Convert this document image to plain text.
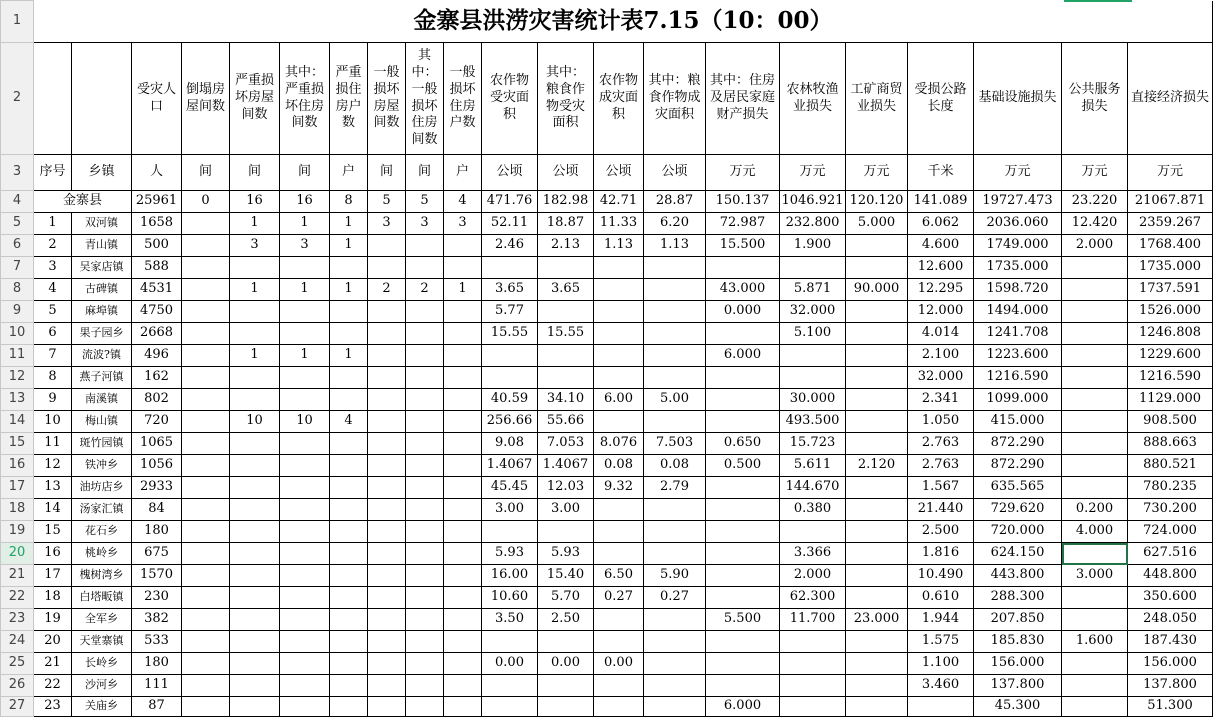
1	金寨县洪涝灾害统计表7.15（10：00）																				
2			受灾人口	倒塌房屋间数	严重损坏房屋间数	其中：严重损坏住房间数	严重损住房户数	一般损坏房屋间数	其中：一般损坏住房间数	一般损坏住房户数	农作物受灾面积	其中：粮食作物受灾面积	农作物成灾面积	其中：粮食作物成灾面积	其中：住房及居民家庭财产损失	农林牧渔业损失	工矿商贸业损失	受损公路长度	基础设施损失	公共服务损失	直接经济损失
3	序号	乡镇	人	间	间	间	户	间	间	户	公顷	公顷	公顷	公顷	万元	万元	万元	千米	万元	万元	万元
4	金寨县		25961	0	16	16	8	5	5	4	471.76	182.98	42.71	28.87	150.137	1046.921	120.120	141.089	19727.473	23.220	21067.871
5	1	双河镇	1658		1	1	1	3	3	3	52.11	18.87	11.33	6.20	72.987	232.800	5.000	6.062	2036.060	12.420	2359.267
6	2	青山镇	500		3	3	1				2.46	2.13	1.13	1.13	15.500	1.900		4.600	1749.000	2.000	1768.400
7	3	吴家店镇	588															12.600	1735.000		1735.000
8	4	古碑镇	4531		1	1	1	2	2	1	3.65	3.65			43.000	5.871	90.000	12.295	1598.720		1737.591
9	5	麻埠镇	4750								5.77				0.000	32.000		12.000	1494.000		1526.000
10	6	果子园乡	2668								15.55	15.55				5.100		4.014	1241.708		1246.808
11	7	流波?镇	496		1	1	1								6.000			2.100	1223.600		1229.600
12	8	燕子河镇	162															32.000	1216.590		1216.590
13	9	南溪镇	802								40.59	34.10	6.00	5.00		30.000		2.341	1099.000		1129.000
14	10	梅山镇	720		10	10	4				256.66	55.66				493.500		1.050	415.000		908.500
15	11	斑竹园镇	1065								9.08	7.053	8.076	7.503	0.650	15.723		2.763	872.290		888.663
16	12	铁冲乡	1056								1.4067	1.4067	0.08	0.08	0.500	5.611	2.120	2.763	872.290		880.521
17	13	油坊店乡	2933								45.45	12.03	9.32	2.79		144.670		1.567	635.565		780.235
18	14	汤家汇镇	84								3.00	3.00				0.380		21.440	729.620	0.200	730.200
19	15	花石乡	180															2.500	720.000	4.000	724.000
20	16	桃岭乡	675								5.93	5.93				3.366		1.816	624.150		627.516
21	17	槐树湾乡	1570								16.00	15.40	6.50	5.90		2.000		10.490	443.800	3.000	448.800
22	18	白塔畈镇	230								10.60	5.70	0.27	0.27		62.300		0.610	288.300		350.600
23	19	全军乡	382								3.50	2.50			5.500	11.700	23.000	1.944	207.850		248.050
24	20	天堂寨镇	533															1.575	185.830	1.600	187.430
25	21	长岭乡	180								0.00	0.00	0.00					1.100	156.000		156.000
26	22	沙河乡	111															3.460	137.800		137.800
27	23	关庙乡	87												6.000				45.300		51.300
